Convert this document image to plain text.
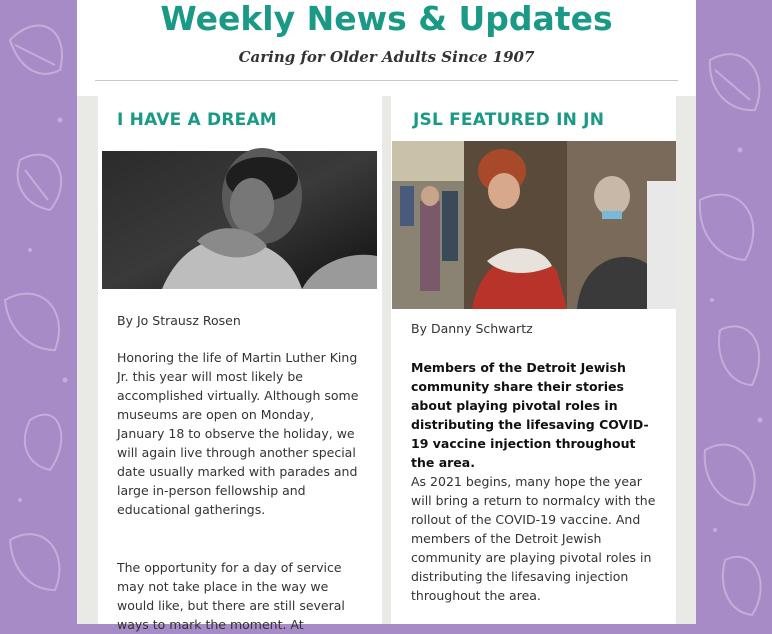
Weekly News & Updates
Caring for Older Adults Since 1907
I HAVE A DREAM
By Jo Strausz Rosen

Honoring the life of Martin Luther King Jr. this year will most likely be accomplished virtually. Although some museums are open on Monday, January 18 to observe the holiday, we will again live through another special date usually marked with parades and large in-person fellowship and educational gatherings.

The opportunity for a day of service may not take place in the way we would like, but there are still several ways to mark the moment. At

JSL FEATURED IN JN
By Danny Schwartz

Members of the Detroit Jewish community share their stories about playing pivotal roles in distributing the lifesaving COVID-19 vaccine injection throughout the area.

As 2021 begins, many hope the year will bring a return to normalcy with the rollout of the COVID-19 vaccine. And members of the Detroit Jewish community are playing pivotal roles in distributing the lifesaving injection throughout the area.
